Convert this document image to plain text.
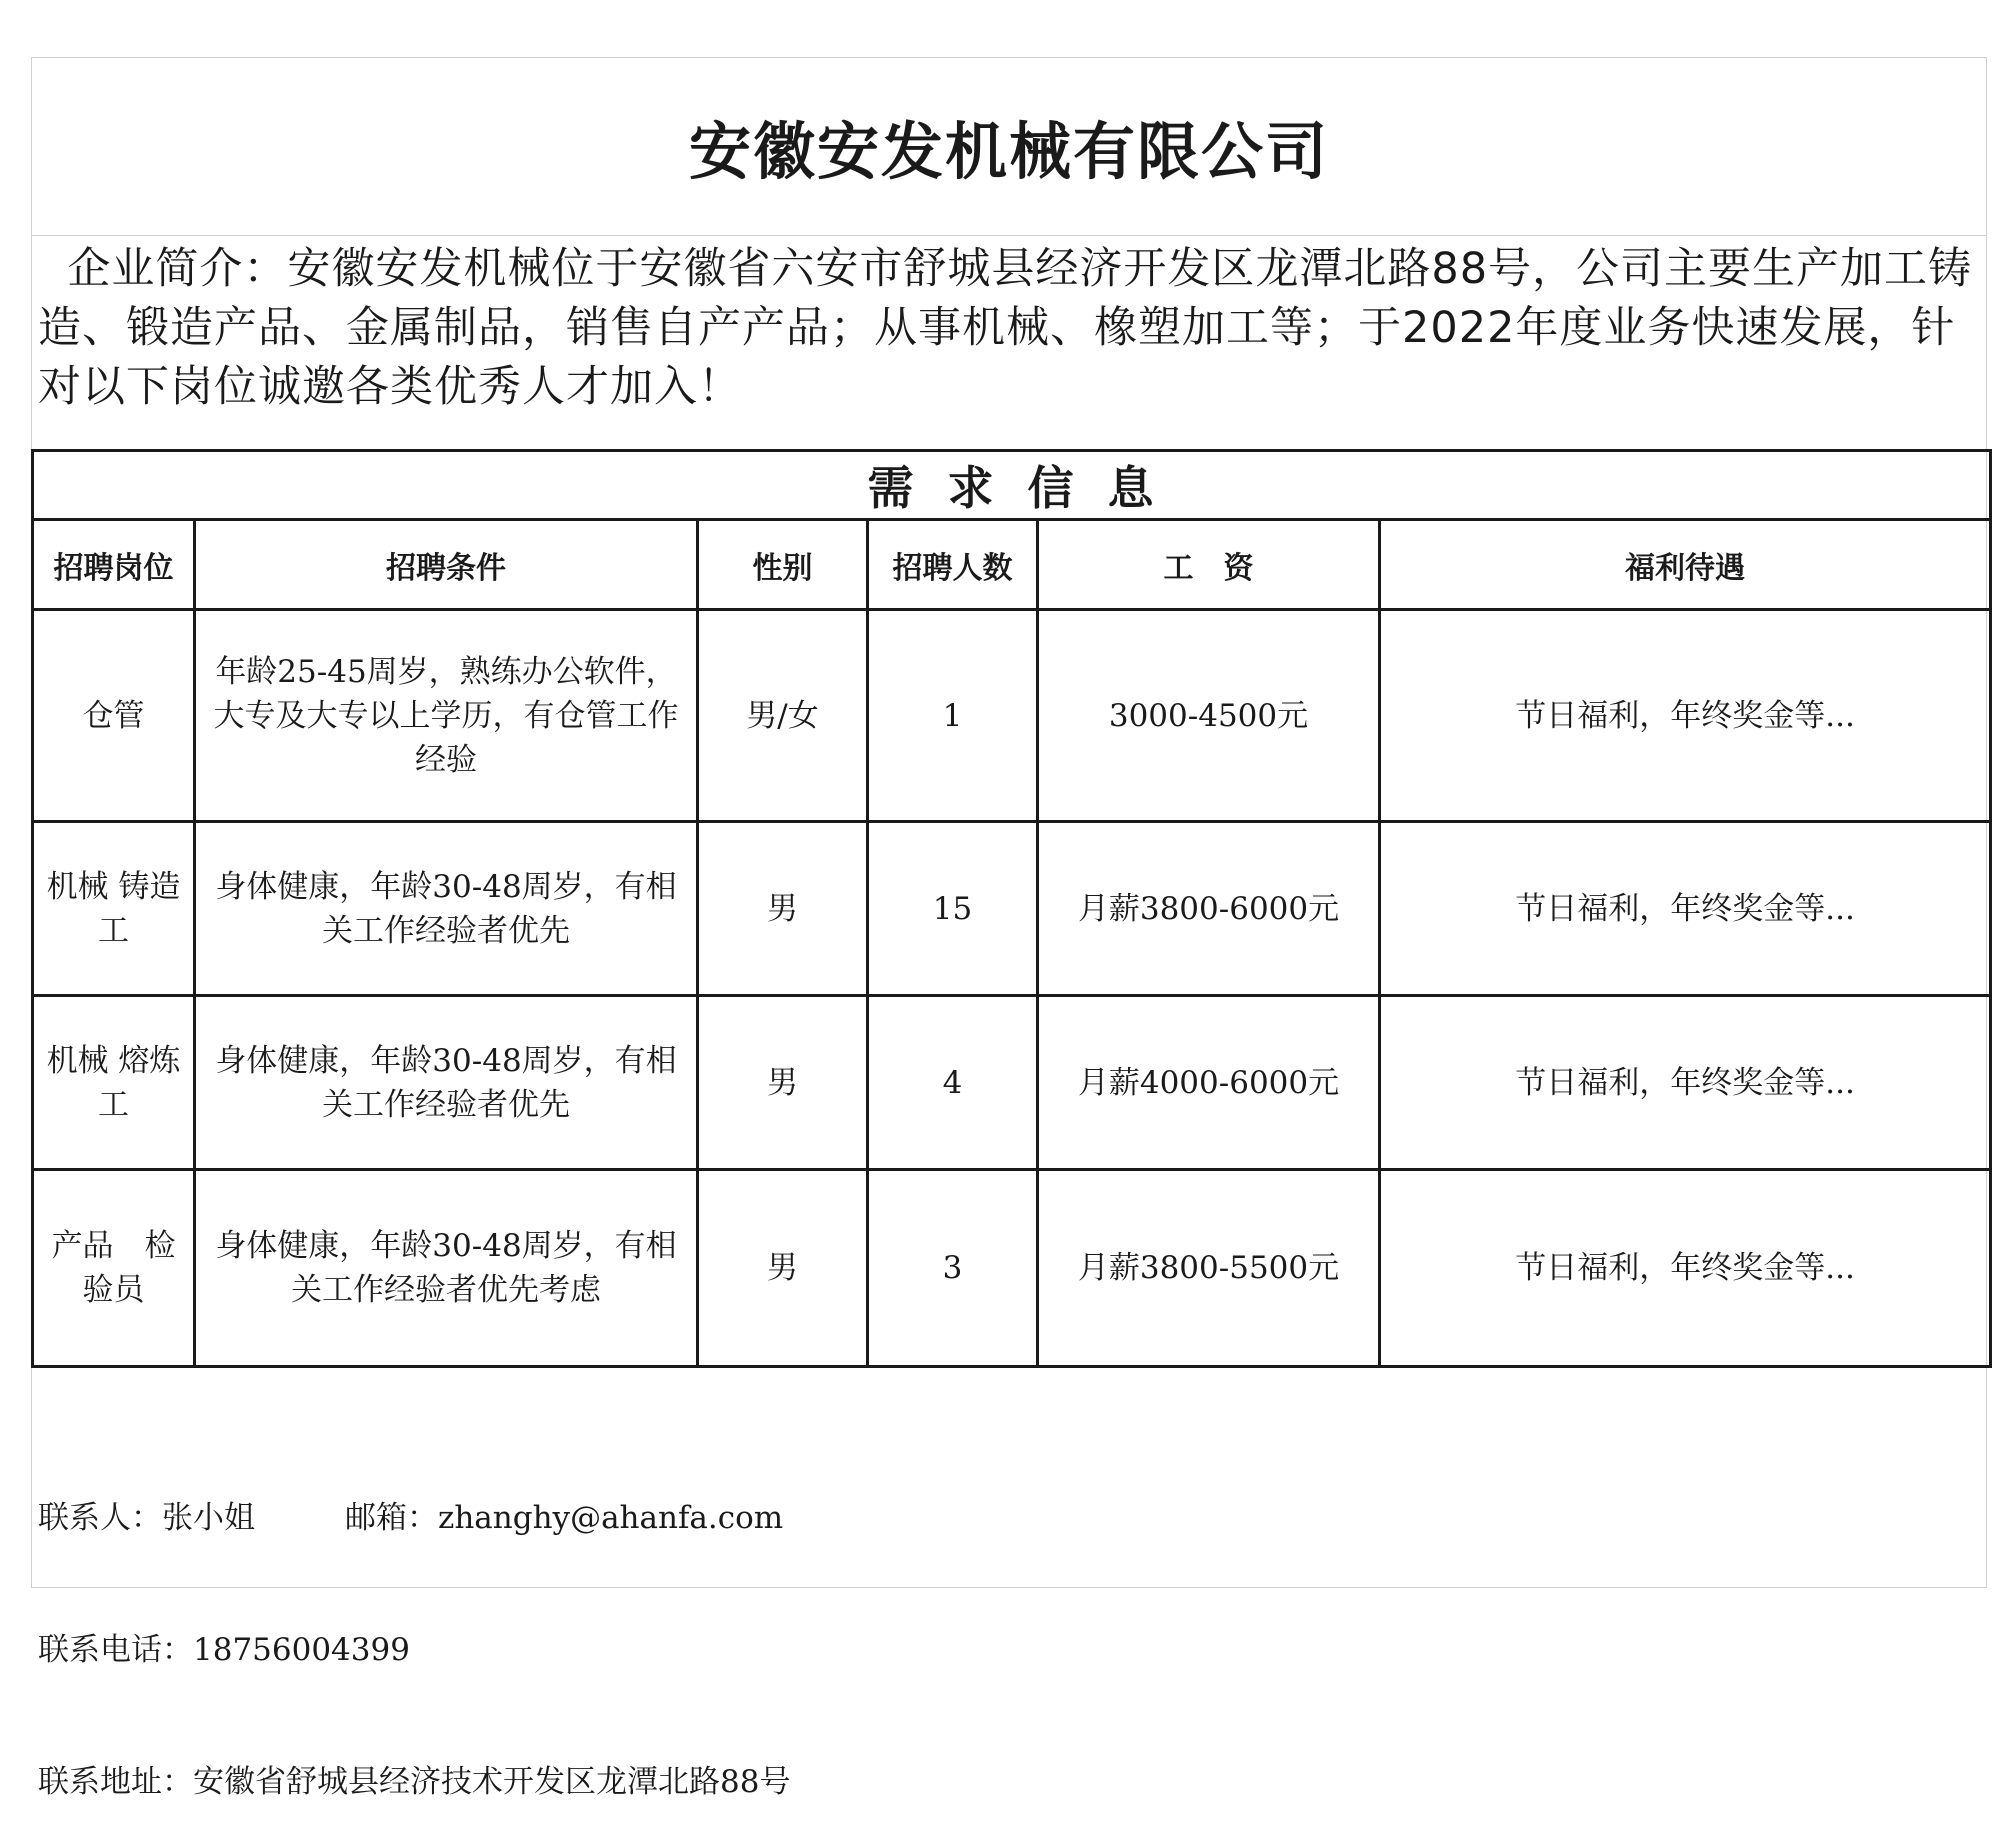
安徽安发机械有限公司
企业简介：安徽安发机械位于安徽省六安市舒城县经济开发区龙潭北路88号，公司主要生产加工铸造、锻造产品、金属制品，销售自产产品；从事机械、橡塑加工等；于2022年度业务快速发展，针对以下岗位诚邀各类优秀人才加入！
需求信息					
招聘岗位	招聘条件	性别	招聘人数	工　资	福利待遇
仓管	年龄25-45周岁，熟练办公软件，大专及大专以上学历，有仓管工作经验	男/女	1	3000-4500元	节日福利，年终奖金等...
机械 铸造工	身体健康，年龄30-48周岁，有相关工作经验者优先	男	15	月薪3800-6000元	节日福利，年终奖金等...
机械 熔炼工	身体健康，年龄30-48周岁，有相关工作经验者优先	男	4	月薪4000-6000元	节日福利，年终奖金等...
产品　检验员	身体健康，年龄30-48周岁，有相关工作经验者优先考虑	男	3	月薪3800-5500元	节日福利，年终奖金等...

联系人：张小姐	邮箱：zhanghy@ahanfa.com

联系电话：18756004399

联系地址：安徽省舒城县经济技术开发区龙潭北路88号
